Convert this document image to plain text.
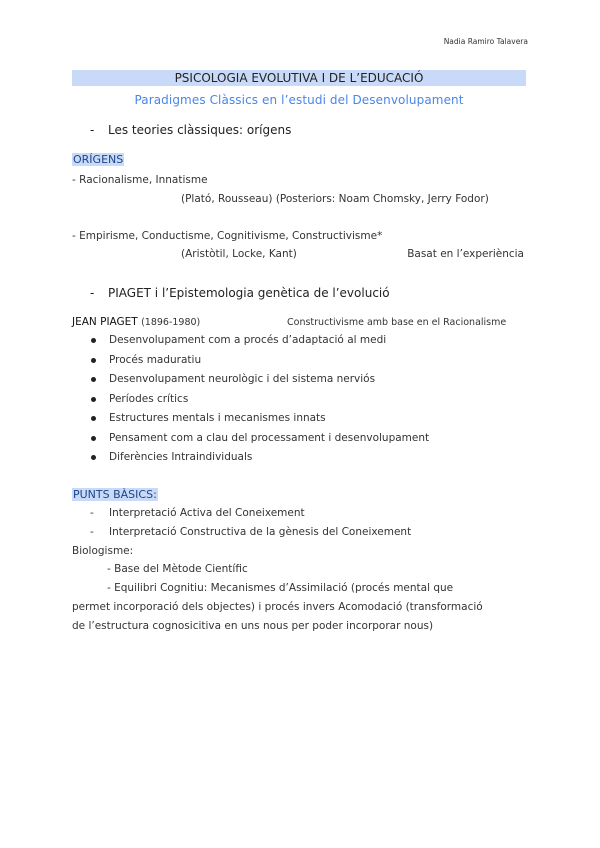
Nadia Ramiro Talavera
PSICOLOGIA EVOLUTIVA I DE L’EDUCACIÓ
Paradigmes Clàssics en l’estudi del Desenvolupament
- Les teories clàssiques: orígens
ORÍGENS
- Racionalisme, Innatisme
(Plató, Rousseau) (Posteriors: Noam Chomsky, Jerry Fodor)
- Empirisme, Conductisme, Cognitivisme, Constructivisme*
(Aristòtil, Locke, Kant)	Basat en l’experiència
- PIAGET i l’Epistemologia genètica de l’evolució
JEAN PIAGET (1896-1980)	Constructivisme amb base en el Racionalisme
Desenvolupament com a procés d’adaptació al medi
Procés maduratiu
Desenvolupament neurològic i del sistema nerviós
Períodes crítics
Estructures mentals i mecanismes innats
Pensament com a clau del processament i desenvolupament
Diferències Intraindividuals
PUNTS BÀSICS:
- Interpretació Activa del Coneixement
- Interpretació Constructiva de la gènesis del Coneixement
Biologisme:
- Base del Mètode Científic
- Equilibri Cognitiu: Mecanismes d’Assimilació (procés mental que
permet incorporació dels objectes) i procés invers Acomodació (transformació
de l’estructura cognosicitiva en uns nous per poder incorporar nous)
